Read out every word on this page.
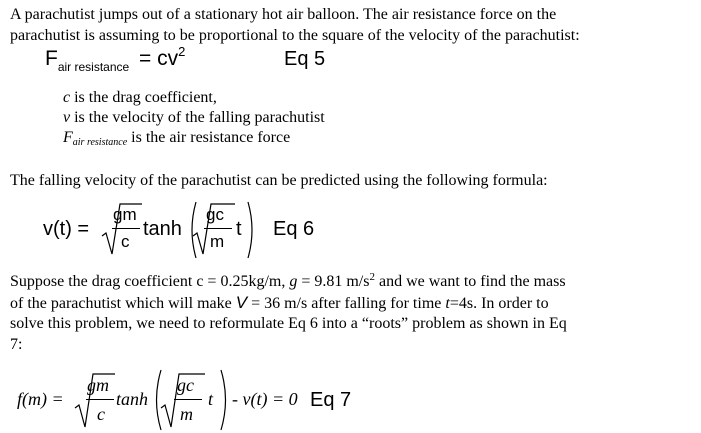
A parachutist jumps out of a stationary hot air balloon. The air resistance force on the
parachutist is assuming to be proportional to the square of the velocity of the parachutist:
$F_{air resistance} = cv^2$	Eq 5
c is the drag coefficient,
v is the velocity of the falling parachutist
Fair resistance is the air resistance force
The falling velocity of the parachutist can be predicted using the following formula:
v(t) =
gm
c
tanh
gc
m
t Eq 6
Suppose the drag coefficient c = 0.25kg/m, g = 9.81 $m/s^2$ and we want to find the mass
of the parachutist which will make V = 36 m/s after falling for time t=4s. In order to
solve this problem, we need to reformulate Eq 6 into a “roots” problem as shown in Eq
7:
f(m) =
gm
c
tanh
gc
m
t - v(t) = 0 Eq 7
